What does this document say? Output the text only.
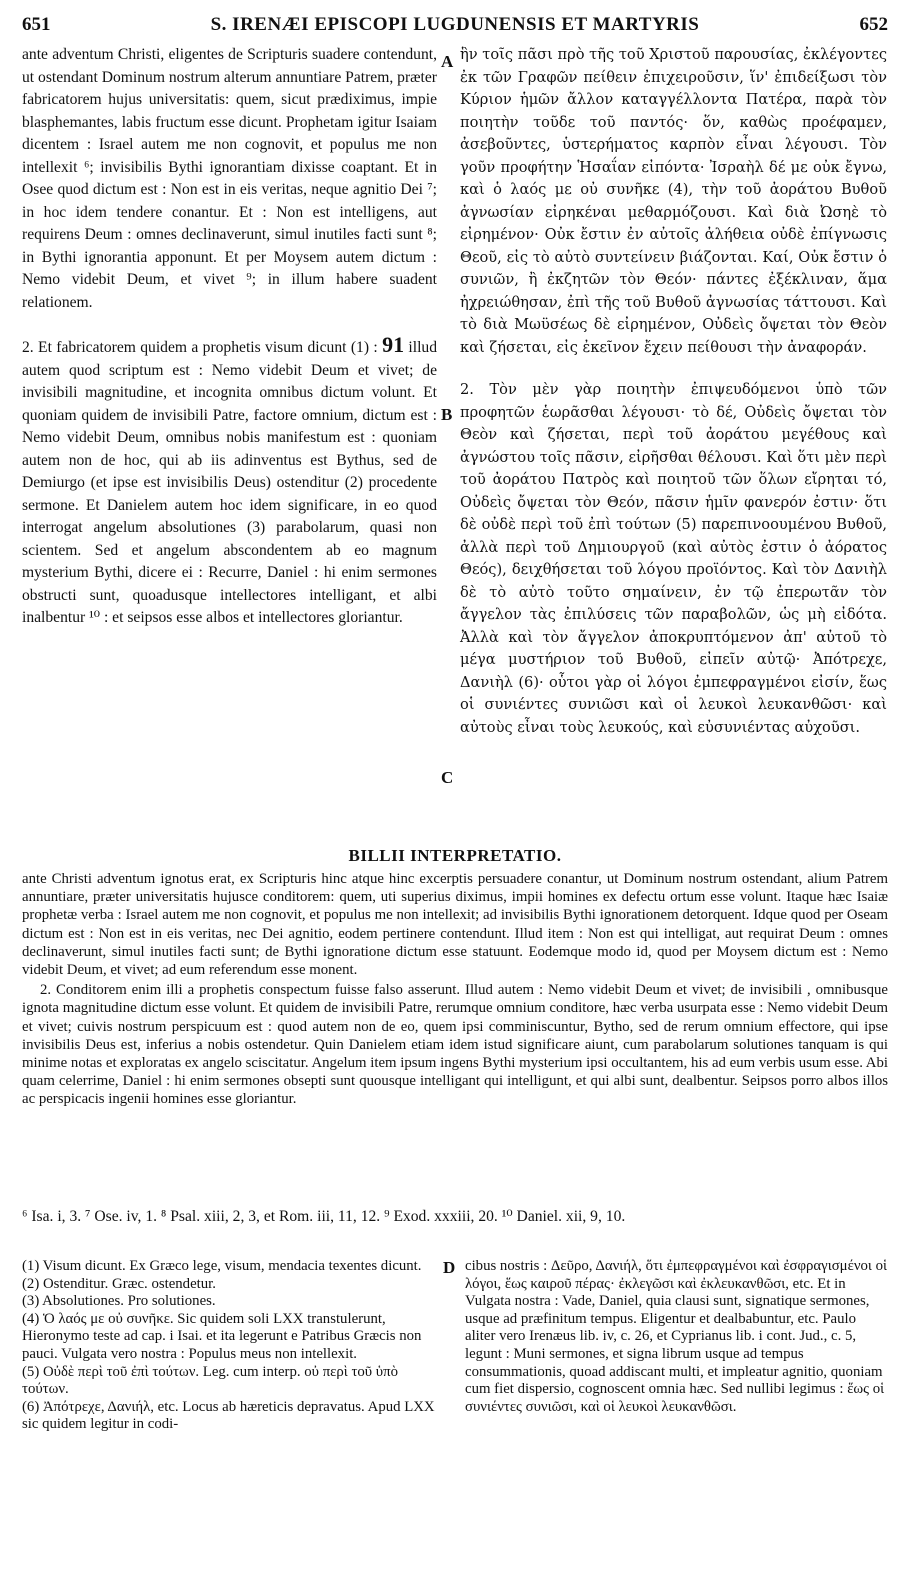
651	S. IRENÆI EPISCOPI LUGDUNENSIS ET MARTYRIS	652

ante adventum Christi, eligentes de Scripturis suadere contendunt, ut ostendant Dominum nostrum alterum annuntiare Patrem, præter fabricatorem hujus universitatis: quem, sicut prædiximus, impie blasphemantes, labis fructum esse dicunt. Prophetam igitur Isaiam dicentem : Israel autem me non cognovit, et populus me non intellexit ⁶; invisibilis Bythi ignorantiam dixisse coaptant. Et in Osee quod dictum est : Non est in eis veritas, neque agnitio Dei ⁷; in hoc idem tendere conantur. Et : Non est intelligens, aut requirens Deum : omnes declinaverunt, simul inutiles facti sunt ⁸; in Bythi ignorantia apponunt. Et per Moysem autem dictum : Nemo videbit Deum, et vivet ⁹; in illum habere suadent relationem.

2. Et fabricatorem quidem a prophetis visum dicunt (1) : 91 illud autem quod scriptum est : Nemo videbit Deum et vivet; de invisibili magnitudine, et incognita omnibus dictum volunt. Et quoniam quidem de invisibili Patre, factore omnium, dictum est : Nemo videbit Deum, omnibus nobis manifestum est : quoniam autem non de hoc, qui ab iis adinventus est Bythus, sed de Demiurgo (et ipse est invisibilis Deus) ostenditur (2) procedente sermone. Et Danielem autem hoc idem significare, in eo quod interrogat angelum absolutiones (3) parabolarum, quasi non scientem. Sed et angelum abscondentem ab eo magnum mysterium Bythi, dicere ei : Recurre, Daniel : hi enim sermones obstructi sunt, quoadusque intellectores intelligant, et albi inalbentur ¹⁰ : et seipsos esse albos et intellectores gloriantur.

A
B
C
D

ἣν τοῖς πᾶσι πρὸ τῆς τοῦ Χριστοῦ παρουσίας, ἐκλέγοντες ἐκ τῶν Γραφῶν πείθειν ἐπιχειροῦσιν, ἵν' ἐπιδείξωσι τὸν Κύριον ἡμῶν ἄλλον καταγγέλλοντα Πατέρα, παρὰ τὸν ποιητὴν τοῦδε τοῦ παντός· ὅν, καθὼς προέφαμεν, ἀσεβοῦντες, ὑστερήματος καρπὸν εἶναι λέγουσι. Τὸν γοῦν προφήτην Ἡσαΐαν εἰπόντα· Ἰσραὴλ δέ με οὐκ ἔγνω, καὶ ὁ λαός με οὐ συνῆκε (4), τὴν τοῦ ἀοράτου Βυθοῦ ἀγνωσίαν εἰρηκέναι μεθαρμόζουσι. Καὶ διὰ Ὠσηὲ τὸ εἰρημένον· Οὐκ ἔστιν ἐν αὐτοῖς ἀλήθεια οὐδὲ ἐπίγνωσις Θεοῦ, εἰς τὸ αὐτὸ συντείνειν βιάζονται. Καί, Οὐκ ἔστιν ὁ συνιῶν, ἢ ἐκζητῶν τὸν Θεόν· πάντες ἐξέκλιναν, ἅμα ἠχρειώθησαν, ἐπὶ τῆς τοῦ Βυθοῦ ἀγνωσίας τάττουσι. Καὶ τὸ διὰ Μωϋσέως δὲ εἰρημένον, Οὐδεὶς ὄψεται τὸν Θεὸν καὶ ζήσεται, εἰς ἐκεῖνον ἔχειν πείθουσι τὴν ἀναφοράν.

2. Τὸν μὲν γὰρ ποιητὴν ἐπιψευδόμενοι ὑπὸ τῶν προφητῶν ἑωρᾶσθαι λέγουσι· τὸ δέ, Οὐδεὶς ὄψεται τὸν Θεὸν καὶ ζήσεται, περὶ τοῦ ἀοράτου μεγέθους καὶ ἀγνώστου τοῖς πᾶσιν, εἰρῆσθαι θέλουσι. Καὶ ὅτι μὲν περὶ τοῦ ἀοράτου Πατρὸς καὶ ποιητοῦ τῶν ὅλων εἴρηται τό, Οὐδεὶς ὄψεται τὸν Θεόν, πᾶσιν ἡμῖν φανερόν ἐστιν· ὅτι δὲ οὐδὲ περὶ τοῦ ἐπὶ τούτων (5) παρεπινοουμένου Βυθοῦ, ἀλλὰ περὶ τοῦ Δημιουργοῦ (καὶ αὐτὸς ἐστιν ὁ ἀόρατος Θεός), δειχθήσεται τοῦ λόγου προϊόντος. Καὶ τὸν Δανιὴλ δὲ τὸ αὐτὸ τοῦτο σημαίνειν, ἐν τῷ ἐπερωτᾶν τὸν ἄγγελον τὰς ἐπιλύσεις τῶν παραβολῶν, ὡς μὴ εἰδότα. Ἀλλὰ καὶ τὸν ἄγγελον ἀποκρυπτόμενον ἀπ' αὐτοῦ τὸ μέγα μυστήριον τοῦ Βυθοῦ, εἰπεῖν αὐτῷ· Ἀπότρεχε, Δανιὴλ (6)· οὗτοι γὰρ οἱ λόγοι ἐμπεφραγμένοι εἰσίν, ἕως οἱ συνιέντες συνιῶσι καὶ οἱ λευκοὶ λευκανθῶσι· καὶ αὐτοὺς εἶναι τοὺς λευκούς, καὶ εὐσυνιέντας αὐχοῦσι.

BILLII INTERPRETATIO.

ante Christi adventum ignotus erat, ex Scripturis hinc atque hinc excerptis persuadere conantur, ut Dominum nostrum ostendant, alium Patrem annuntiare, præter universitatis hujusce conditorem: quem, uti superius diximus, impii homines ex defectu ortum esse volunt. Itaque hæc Isaiæ prophetæ verba : Israel autem me non cognovit, et populus me non intellexit; ad invisibilis Bythi ignorationem detorquent. Idque quod per Oseam dictum est : Non est in eis veritas, nec Dei agnitio, eodem pertinere contendunt. Illud item : Non est qui intelligat, aut requirat Deum : omnes declinaverunt, simul inutiles facti sunt; de Bythi ignoratione dictum esse statuunt. Eodemque modo id, quod per Moysem dictum est : Nemo videbit Deum, et vivet; ad eum referendum esse monent.

2. Conditorem enim illi a prophetis conspectum fuisse falso asserunt. Illud autem : Nemo videbit Deum et vivet; de invisibili , omnibusque ignota magnitudine dictum esse volunt. Et quidem de invisibili Patre, rerumque omnium conditore, hæc verba usurpata esse : Nemo videbit Deum et vivet; cuivis nostrum perspicuum est : quod autem non de eo, quem ipsi comminiscuntur, Bytho, sed de rerum omnium effectore, qui ipse invisibilis Deus est, inferius a nobis ostendetur. Quin Danielem etiam idem istud significare aiunt, cum parabolarum solutiones tanquam is qui minime notas et exploratas ex angelo sciscitatur. Angelum item ipsum ingens Bythi mysterium ipsi occultantem, his ad eum verbis usum esse. Abi quam celerrime, Daniel : hi enim sermones obsepti sunt quousque intelligant qui intelligunt, et qui albi sunt, dealbentur. Seipsos porro albos illos ac perspicacis ingenii homines esse gloriantur.

⁶ Isa. i, 3. ⁷ Ose. iv, 1. ⁸ Psal. xiii, 2, 3, et Rom. iii, 11, 12. ⁹ Exod. xxxiii, 20. ¹⁰ Daniel. xii, 9, 10.

(1) Visum dicunt. Ex Græco lege, visum, mendacia texentes dicunt.

(2) Ostenditur. Græc. ostendetur.

(3) Absolutiones. Pro solutiones.

(4) Ὁ λαός με οὐ συνῆκε. Sic quidem soli LXX transtulerunt, Hieronymo teste ad cap. i Isai. et ita legerunt e Patribus Græcis non pauci. Vulgata vero nostra : Populus meus non intellexit.

(5) Οὐδὲ περὶ τοῦ ἐπὶ τούτων. Leg. cum interp. οὐ περὶ τοῦ ὑπὸ τούτων.

(6) Ἀπότρεχε, Δανιήλ, etc. Locus ab hæreticis depravatus. Apud LXX sic quidem legitur in codi-

cibus nostris : Δεῦρο, Δανιήλ, ὅτι ἐμπεφραγμένοι καὶ ἐσφραγισμένοι οἱ λόγοι, ἕως καιροῦ πέρας· ἐκλεγῶσι καὶ ἐκλευκανθῶσι, etc. Et in Vulgata nostra : Vade, Daniel, quia clausi sunt, signatique sermones, usque ad præfinitum tempus. Eligentur et dealbabuntur, etc. Paulo aliter vero Irenæus lib. iv, c. 26, et Cyprianus lib. i cont. Jud., c. 5, legunt : Muni sermones, et signa librum usque ad tempus consummationis, quoad addiscant multi, et impleatur agnitio, quoniam cum fiet dispersio, cognoscent omnia hæc. Sed nullibi legimus : ἕως οἱ συνιέντες συνιῶσι, καὶ οἱ λευκοὶ λευκανθῶσι.
